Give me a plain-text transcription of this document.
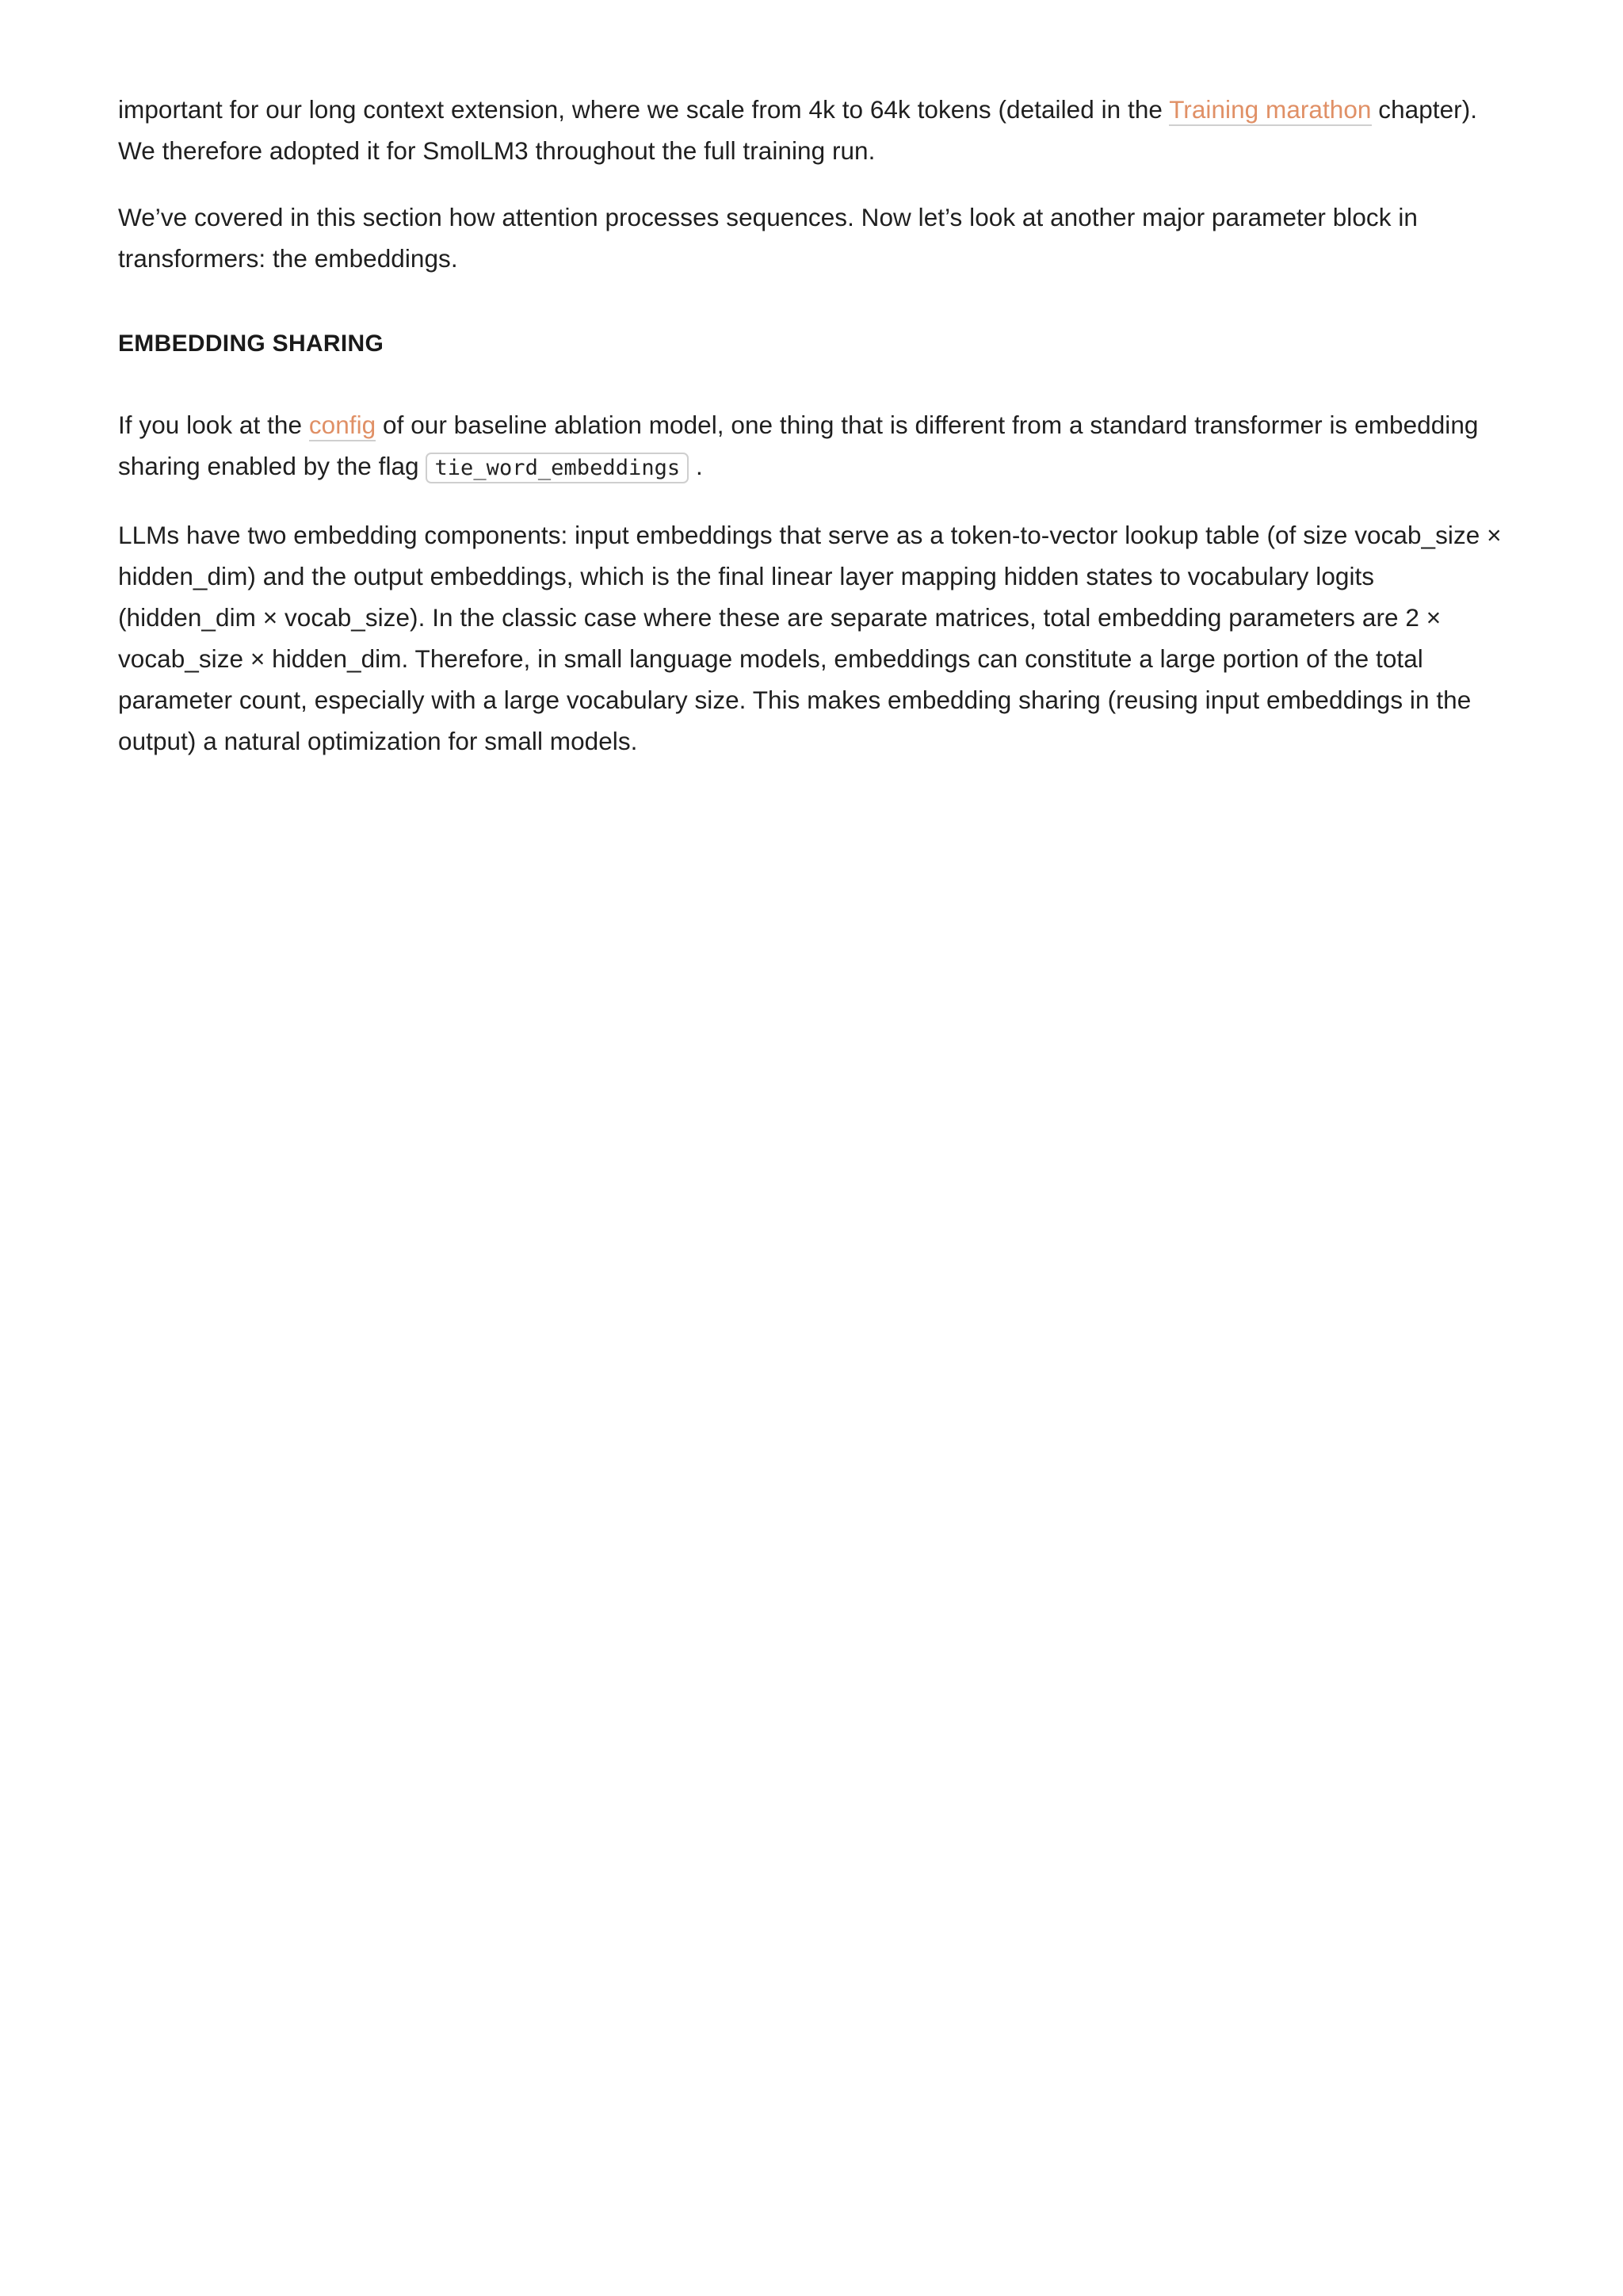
important for our long context extension, where we scale from 4k to 64k tokens (detailed in the Training marathon chapter). We therefore adopted it for SmolLM3 throughout the full training run.

We’ve covered in this section how attention processes sequences. Now let’s look at another major parameter block in transformers: the embeddings.

EMBEDDING SHARING

If you look at the config of our baseline ablation model, one thing that is different from a standard transformer is embedding sharing enabled by the flag tie_word_embeddings .

LLMs have two embedding components: input embeddings that serve as a token-to-vector lookup table (of size vocab_size × hidden_dim) and the output embeddings, which is the final linear layer mapping hidden states to vocabulary logits (hidden_dim × vocab_size). In the classic case where these are separate matrices, total embedding parameters are 2 × vocab_size × hidden_dim. Therefore, in small language models, embeddings can constitute a large portion of the total parameter count, especially with a large vocabulary size. This makes embedding sharing (reusing input embeddings in the output) a natural optimization for small models.
